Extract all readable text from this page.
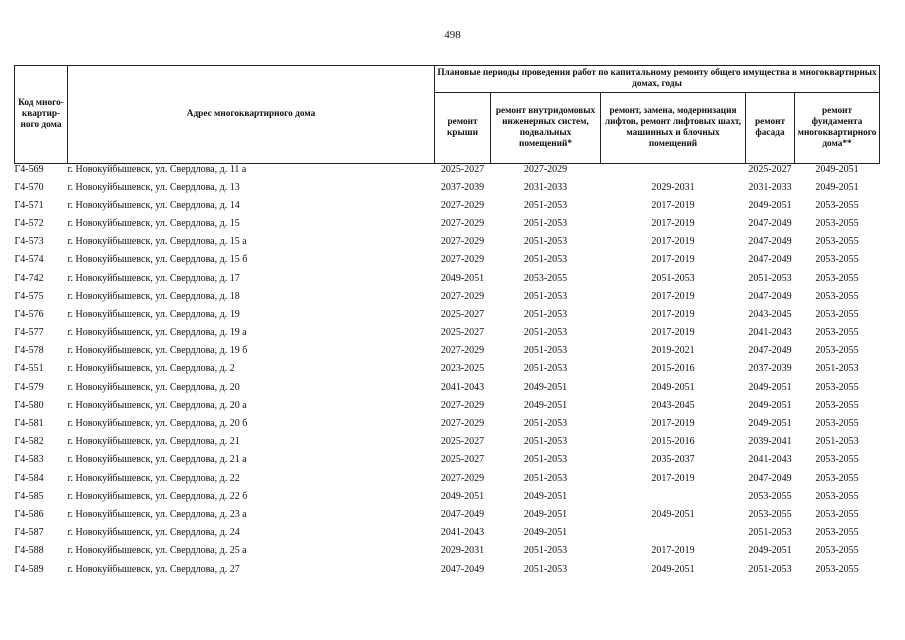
498
Код много-квартир-ного дома	Адрес многоквартирного дома	Плановые периоды проведения работ по капитальному ремонту общего имущества в многоквартирных домах, годы				
		ремонт крыши	ремонт внутридомовых инженерных систем, подвальных помещений*	ремонт, замена, модернизация лифтов, ремонт лифтовых шахт, машинных и блочных помещений	ремонт фасада	ремонт фундамента многоквартирного дома**
Г4-569	г. Новокуйбышевск, ул. Свердлова, д. 11 а	2025-2027	2027-2029		2025-2027	2049-2051
Г4-570	г. Новокуйбышевск, ул. Свердлова, д. 13	2037-2039	2031-2033	2029-2031	2031-2033	2049-2051
Г4-571	г. Новокуйбышевск, ул. Свердлова, д. 14	2027-2029	2051-2053	2017-2019	2049-2051	2053-2055
Г4-572	г. Новокуйбышевск, ул. Свердлова, д. 15	2027-2029	2051-2053	2017-2019	2047-2049	2053-2055
Г4-573	г. Новокуйбышевск, ул. Свердлова, д. 15 а	2027-2029	2051-2053	2017-2019	2047-2049	2053-2055
Г4-574	г. Новокуйбышевск, ул. Свердлова, д. 15 б	2027-2029	2051-2053	2017-2019	2047-2049	2053-2055
Г4-742	г. Новокуйбышевск, ул. Свердлова, д. 17	2049-2051	2053-2055	2051-2053	2051-2053	2053-2055
Г4-575	г. Новокуйбышевск, ул. Свердлова, д. 18	2027-2029	2051-2053	2017-2019	2047-2049	2053-2055
Г4-576	г. Новокуйбышевск, ул. Свердлова, д. 19	2025-2027	2051-2053	2017-2019	2043-2045	2053-2055
Г4-577	г. Новокуйбышевск, ул. Свердлова, д. 19 а	2025-2027	2051-2053	2017-2019	2041-2043	2053-2055
Г4-578	г. Новокуйбышевск, ул. Свердлова, д. 19 б	2027-2029	2051-2053	2019-2021	2047-2049	2053-2055
Г4-551	г. Новокуйбышевск, ул. Свердлова, д. 2	2023-2025	2051-2053	2015-2016	2037-2039	2051-2053
Г4-579	г. Новокуйбышевск, ул. Свердлова, д. 20	2041-2043	2049-2051	2049-2051	2049-2051	2053-2055
Г4-580	г. Новокуйбышевск, ул. Свердлова, д. 20 а	2027-2029	2049-2051	2043-2045	2049-2051	2053-2055
Г4-581	г. Новокуйбышевск, ул. Свердлова, д. 20 б	2027-2029	2051-2053	2017-2019	2049-2051	2053-2055
Г4-582	г. Новокуйбышевск, ул. Свердлова, д. 21	2025-2027	2051-2053	2015-2016	2039-2041	2051-2053
Г4-583	г. Новокуйбышевск, ул. Свердлова, д. 21 а	2025-2027	2051-2053	2035-2037	2041-2043	2053-2055
Г4-584	г. Новокуйбышевск, ул. Свердлова, д. 22	2027-2029	2051-2053	2017-2019	2047-2049	2053-2055
Г4-585	г. Новокуйбышевск, ул. Свердлова, д. 22 б	2049-2051	2049-2051		2053-2055	2053-2055
Г4-586	г. Новокуйбышевск, ул. Свердлова, д. 23 а	2047-2049	2049-2051	2049-2051	2053-2055	2053-2055
Г4-587	г. Новокуйбышевск, ул. Свердлова, д. 24	2041-2043	2049-2051		2051-2053	2053-2055
Г4-588	г. Новокуйбышевск, ул. Свердлова, д. 25 а	2029-2031	2051-2053	2017-2019	2049-2051	2053-2055
Г4-589	г. Новокуйбышевск, ул. Свердлова, д. 27	2047-2049	2051-2053	2049-2051	2051-2053	2053-2055
